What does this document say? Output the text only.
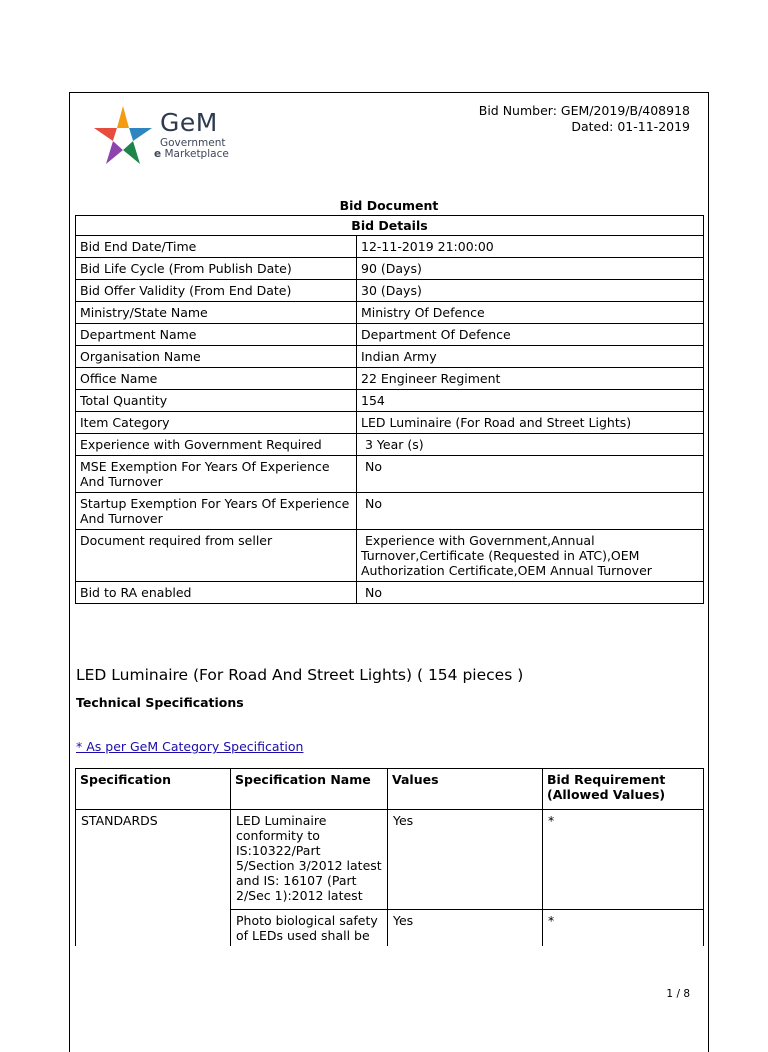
GeM
Government
e Marketplace
Bid Number: GEM/2019/B/408918
Dated: 01-11-2019
Bid Document
Bid Details	
Bid End Date/Time	12-11-2019 21:00:00
Bid Life Cycle (From Publish Date)	90 (Days)
Bid Offer Validity (From End Date)	30 (Days)
Ministry/State Name	Ministry Of Defence
Department Name	Department Of Defence
Organisation Name	Indian Army
Office Name	22 Engineer Regiment
Total Quantity	154
Item Category	LED Luminaire (For Road and Street Lights)
Experience with Government Required	3 Year (s)
MSE Exemption For Years Of Experience And Turnover	No
Startup Exemption For Years Of Experience And Turnover	No
Document required from seller	Experience with Government,Annual Turnover,Certificate (Requested in ATC),OEM Authorization Certificate,OEM Annual Turnover
Bid to RA enabled	No
LED Luminaire (For Road And Street Lights) ( 154 pieces )
Technical Specifications
* As per GeM Category Specification
Specification	Specification Name	Values	Bid Requirement (Allowed Values)
STANDARDS	LED Luminaire conformity to IS:10322/Part 5/Section 3/2012 latest and IS: 16107 (Part 2/Sec 1):2012 latest	Yes	*
	Photo biological safety of LEDs used shall be	Yes	*
1 / 8
